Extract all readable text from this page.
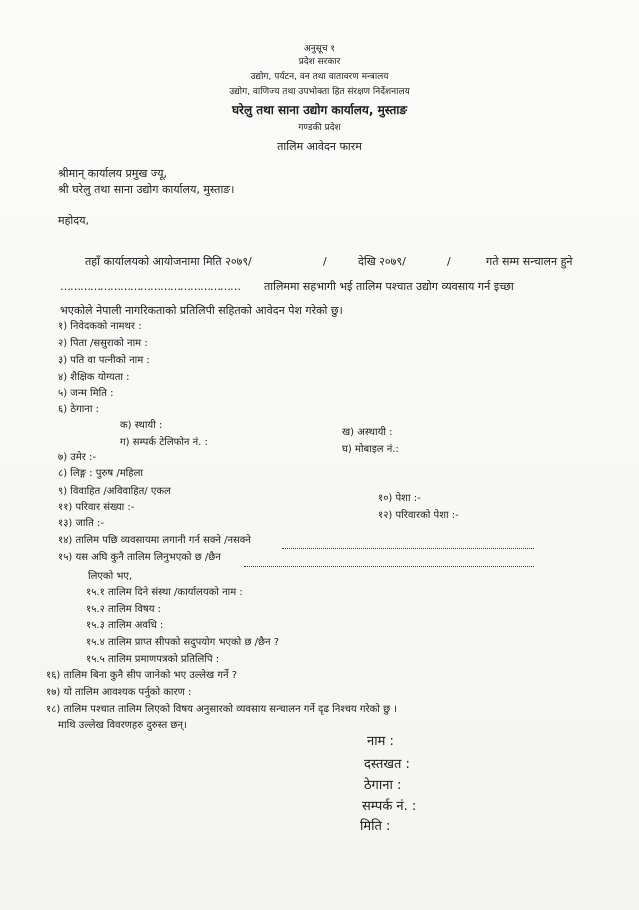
अनुसूच १
प्रदेश सरकार
उद्योग, पर्यटन, वन तथा वातावरण मन्त्रालय
उद्योग, वाणिज्य तथा उपभोक्ता हित संरक्षण निर्देशनालय
घरेलु तथा साना उद्योग कार्यालय, मुस्ताङ
गण्डकी प्रदेश
तालिम आवेदन फारम
श्रीमान् कार्यालय प्रमुख ज्यू,
श्री घरेलु तथा साना उद्योग कार्यालय, मुस्ताङ।
महोदय,
तहाँ कार्यालयको आयोजनामा मिति २०७९/	/	देखि २०७९/	/	गते सम्म सन्चालन हुने
……………………………………………… तालिममा सहभागी भई तालिम पश्चात उद्योग व्यवसाय गर्न इच्छा
भएकोले नेपाली नागरिकताको प्रतिलिपी सहितको आवेदन पेश गरेको छु।
१) निवेदकको नामथर :
२) पिता /ससुराको नाम :
३) पति वा पत्नीको नाम :
४) शैक्षिक योग्यता :
५) जन्म मिति :
६) ठेगाना :
क) स्थायी :
ख) अस्थायी :
ग) सम्पर्क टेलिफोन नं. :
घ) मोबाइल नं.:
७) उमेर :-
८) लिङ्ग : पुरुष /महिला
९) विवाहित /अविवाहित/ एकल
१०) पेशा :-
११) परिवार संख्या :-
१२) परिवारको पेशा :-
१३) जाति :-
१४) तालिम पछि व्यवसायमा लगानी गर्न सक्ने /नसक्ने
१५) यस अघि कुनै तालिम लिनुभएको छ /छैन
लिएको भए,
१५.१ तालिम दिने संस्था /कार्यालयको नाम :
१५.२ तालिम विषय :
१५.३ तालिम अवधि :
१५.४ तालिम प्राप्त सीपको सदुपयोग भएको छ /छैन ?
१५.५ तालिम प्रमाणपत्रको प्रतिलिपि :
१६) तालिम बिना कुनै सीप जानेको भए उल्लेख गर्ने ?
१७) यो तालिम आवश्यक पर्नुको कारण :
१८) तालिम पश्चात तालिम लिएको विषय अनुसारको व्यवसाय सन्चालन गर्ने दृढ निश्चय गरेको छु ।
माथि उल्लेख विवरणहरु दुरुस्त छन्।
नाम :
दस्तखत :
ठेगाना :
सम्पर्क नं. :
मिति :
